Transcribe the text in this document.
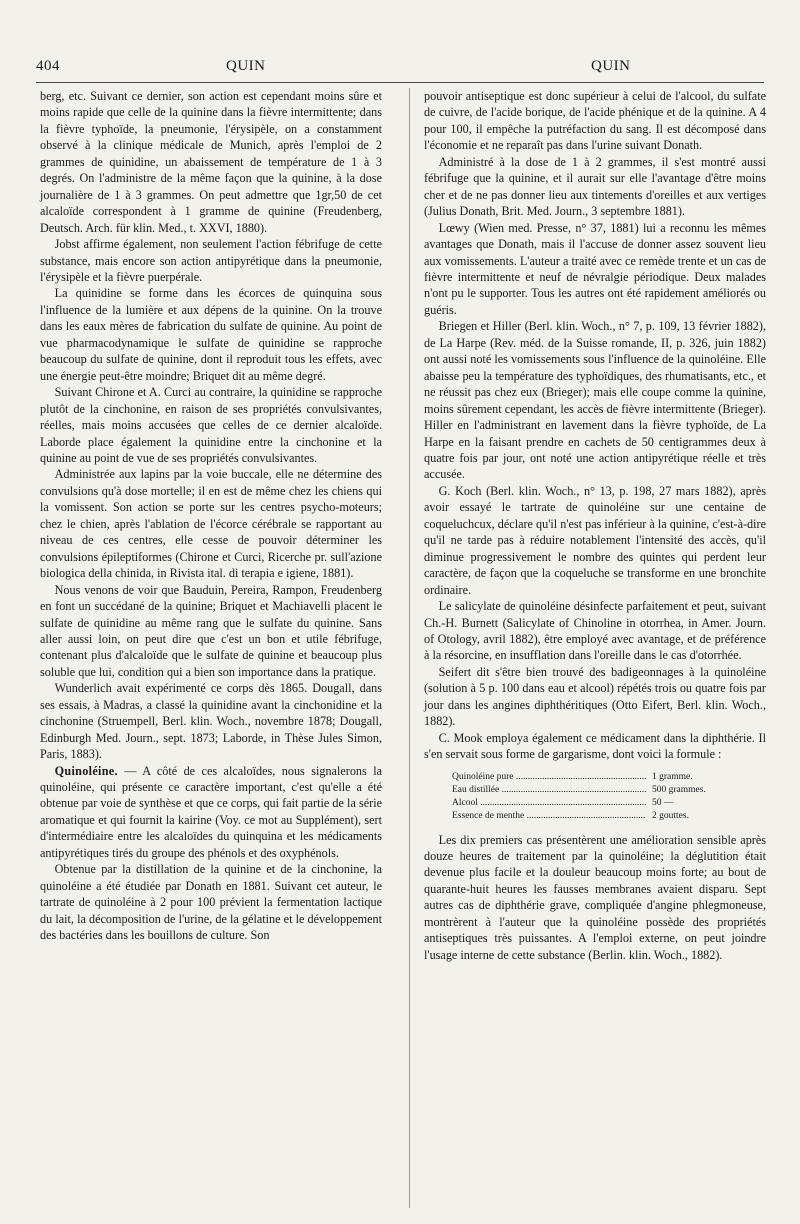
404	QUIN	QUIN

berg, etc. Suivant ce dernier, son action est cependant moins sûre et moins rapide que celle de la quinine dans la fièvre intermittente; dans la fièvre typhoïde, la pneumonie, l'érysipèle, on a constamment observé à la clinique médicale de Munich, après l'emploi de 2 grammes de quinidine, un abaissement de température de 1 à 3 degrés. On l'administre de la même façon que la quinine, à la dose journalière de 1 à 3 grammes. On peut admettre que 1gr,50 de cet alcaloïde correspondent à 1 gramme de quinine (Freudenberg, Deutsch. Arch. für klin. Med., t. XXVI, 1880).

Jobst affirme également, non seulement l'action fébrifuge de cette substance, mais encore son action antipyrétique dans la pneumonie, l'érysipèle et la fièvre puerpérale.

La quinidine se forme dans les écorces de quinquina sous l'influence de la lumière et aux dépens de la quinine. On la trouve dans les eaux mères de fabrication du sulfate de quinine. Au point de vue pharmacodynamique le sulfate de quinidine se rapproche beaucoup du sulfate de quinine, dont il reproduit tous les effets, avec une énergie peut-être moindre; Briquet dit au même degré.

Suivant Chirone et A. Curci au contraire, la quinidine se rapproche plutôt de la cinchonine, en raison de ses propriétés convulsivantes, réelles, mais moins accusées que celles de ce dernier alcaloïde. Laborde place également la quinidine entre la cinchonine et la quinine au point de vue de ses propriétés convulsivantes.

Administrée aux lapins par la voie buccale, elle ne détermine des convulsions qu'à dose mortelle; il en est de même chez les chiens qui la vomissent. Son action se porte sur les centres psycho-moteurs; chez le chien, après l'ablation de l'écorce cérébrale se rapportant au niveau de ces centres, elle cesse de pouvoir déterminer les convulsions épileptiformes (Chirone et Curci, Ricerche pr. sull'azione biologica della chinida, in Rivista ital. di terapia e igiene, 1881).

Nous venons de voir que Bauduin, Pereira, Rampon, Freudenberg en font un succédané de la quinine; Briquet et Machiavelli placent le sulfate de quinidine au même rang que le sulfate du quinine. Sans aller aussi loin, on peut dire que c'est un bon et utile fébrifuge, contenant plus d'alcaloïde que le sulfate de quinine et beaucoup plus soluble que lui, condition qui a bien son importance dans la pratique.

Wunderlich avait expérimenté ce corps dès 1865. Dougall, dans ses essais, à Madras, a classé la quinidine avant la cinchonidine et la cinchonine (Struempell, Berl. klin. Woch., novembre 1878; Dougall, Edinburgh Med. Journ., sept. 1873; Laborde, in Thèse Jules Simon, Paris, 1883).

Quinoléine. — A côté de ces alcaloïdes, nous signalerons la quinoléine, qui présente ce caractère important, c'est qu'elle a été obtenue par voie de synthèse et que ce corps, qui fait partie de la série aromatique et qui fournit la kairine (Voy. ce mot au Supplément), sert d'intermédiaire entre les alcaloïdes du quinquina et les médicaments antipyrétiques tirés du groupe des phénols et des oxyphénols.

Obtenue par la distillation de la quinine et de la cinchonine, la quinoléine a été étudiée par Donath en 1881. Suivant cet auteur, le tartrate de quinoléine à 2 pour 100 prévient la fermentation lactique du lait, la décomposition de l'urine, de la gélatine et le développement des bactéries dans les bouillons de culture. Son

pouvoir antiseptique est donc supérieur à celui de l'alcool, du sulfate de cuivre, de l'acide borique, de l'acide phénique et de la quinine. A 4 pour 100, il empêche la putréfaction du sang. Il est décomposé dans l'économie et ne reparaît pas dans l'urine suivant Donath.

Administré à la dose de 1 à 2 grammes, il s'est montré aussi fébrifuge que la quinine, et il aurait sur elle l'avantage d'être moins cher et de ne pas donner lieu aux tintements d'oreilles et aux vertiges (Julius Donath, Brit. Med. Journ., 3 septembre 1881).

Lœwy (Wien med. Presse, n° 37, 1881) lui a reconnu les mêmes avantages que Donath, mais il l'accuse de donner assez souvent lieu aux vomissements. L'auteur a traité avec ce remède trente et un cas de fièvre intermittente et neuf de névralgie périodique. Deux malades n'ont pu le supporter. Tous les autres ont été rapidement améliorés ou guéris.

Briegen et Hiller (Berl. klin. Woch., n° 7, p. 109, 13 février 1882), de La Harpe (Rev. méd. de la Suisse romande, II, p. 326, juin 1882) ont aussi noté les vomissements sous l'influence de la quinoléine. Elle abaisse peu la température des typhoïdiques, des rhumatisants, etc., et ne réussit pas chez eux (Brieger); mais elle coupe comme la quinine, moins sûrement cependant, les accès de fièvre intermittente (Brieger). Hiller en l'administrant en lavement dans la fièvre typhoïde, de La Harpe en la faisant prendre en cachets de 50 centigrammes deux à quatre fois par jour, ont noté une action antipyrétique réelle et très accusée.

G. Koch (Berl. klin. Woch., n° 13, p. 198, 27 mars 1882), après avoir essayé le tartrate de quinoléine sur une centaine de coqueluchcux, déclare qu'il n'est pas inférieur à la quinine, c'est-à-dire qu'il ne tarde pas à réduire notablement l'intensité des accès, qu'il diminue progressivement le nombre des quintes qui perdent leur caractère, de façon que la coqueluche se transforme en une bronchite ordinaire.

Le salicylate de quinoléine désinfecte parfaitement et peut, suivant Ch.-H. Burnett (Salicylate of Chinoline in otorrhea, in Amer. Journ. of Otology, avril 1882), être employé avec avantage, et de préférence à la résorcine, en insufflation dans l'oreille dans le cas d'otorrhée.

Seifert dit s'être bien trouvé des badigeonnages à la quinoléine (solution à 5 p. 100 dans eau et alcool) répétés trois ou quatre fois par jour dans les angines diphthéritiques (Otto Eifert, Berl. klin. Woch., 1882).

C. Mook employa également ce médicament dans la diphthérie. Il s'en servait sous forme de gargarisme, dont voici la formule :

Quinoléine pure .....	1 gramme.
Eau distillée .....	500 grammes.
Alcool .....	50 —
Essence de menthe .....	2 gouttes.

Les dix premiers cas présentèrent une amélioration sensible après douze heures de traitement par la quinoléine; la déglutition était devenue plus facile et la douleur beaucoup moins forte; au bout de quarante-huit heures les fausses membranes avaient disparu. Sept autres cas de diphthérie grave, compliquée d'angine phlegmoneuse, montrèrent à l'auteur que la quinoléine possède des propriétés antiseptiques très puissantes. A l'emploi externe, on peut joindre l'usage interne de cette substance (Berlin. klin. Woch., 1882).
